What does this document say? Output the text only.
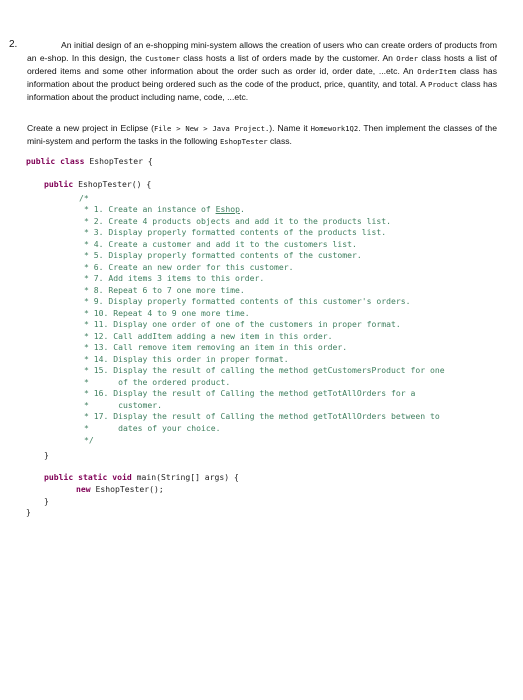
2.	An initial design of an e-shopping mini-system allows the creation of users who can create orders of products from an e-shop. In this design, the Customer class hosts a list of orders made by the customer. An Order class hosts a list of ordered items and some other information about the order such as order id, order date, ...etc. An OrderItem class has information about the product being ordered such as the code of the product, price, quantity, and total. A Product class has information about the product including name, code, ...etc.
Create a new project in Eclipse (File > New > Java Project.). Name it Homework1Q2. Then implement the classes of the mini-system and perform the tasks in the following EshopTester class.

public class EshopTester {

public EshopTester() {

/*

* 1. Create an instance of Eshop.

* 2. Create 4 products objects and add it to the products list.

* 3. Display properly formatted contents of the products list.

* 4. Create a customer and add it to the customers list.

* 5. Display properly formatted contents of the customer.

* 6. Create an new order for this customer.

* 7. Add items 3 items to this order.

* 8. Repeat 6 to 7 one more time.

* 9. Display properly formatted contents of this customer's orders.

* 10. Repeat 4 to 9 one more time.

* 11. Display one order of one of the customers in proper format.

* 12. Call addItem adding a new item in this order.

* 13. Call remove item removing an item in this order.

* 14. Display this order in proper format.

* 15. Display the result of calling the method getCustomersProduct for one

*      of the ordered product.

* 16. Display the result of Calling the method getTotAllOrders for a

*      customer.

* 17. Display the result of Calling the method getTotAllOrders between to

*      dates of your choice.

*/

}

public static void main(String[] args) {

new EshopTester();

}

}
